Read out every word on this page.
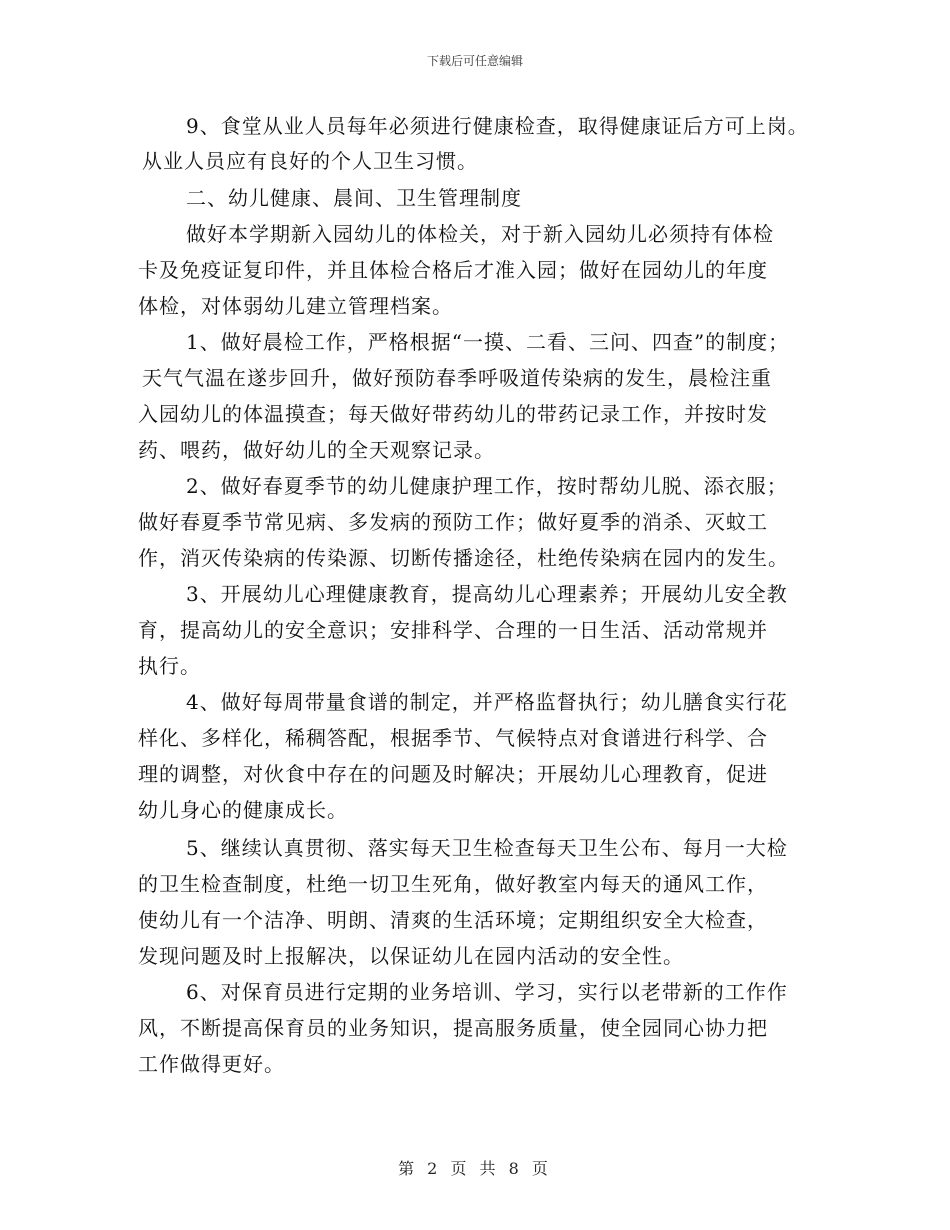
下载后可任意编辑
9、食堂从业人员每年必须进行健康检查，取得健康证后方可上岗。
从业人员应有良好的个人卫生习惯。
二、幼儿健康、晨间、卫生管理制度
做好本学期新入园幼儿的体检关，对于新入园幼儿必须持有体检
卡及免疫证复印件，并且体检合格后才准入园；做好在园幼儿的年度
体检，对体弱幼儿建立管理档案。
1、做好晨检工作，严格根据“一摸、二看、三问、四查”的制度；
天气气温在遂步回升，做好预防春季呼吸道传染病的发生，晨检注重
入园幼儿的体温摸查；每天做好带药幼儿的带药记录工作，并按时发
药、喂药，做好幼儿的全天观察记录。
2、做好春夏季节的幼儿健康护理工作，按时帮幼儿脱、添衣服；
做好春夏季节常见病、多发病的预防工作；做好夏季的消杀、灭蚊工
作，消灭传染病的传染源、切断传播途径，杜绝传染病在园内的发生。
3、开展幼儿心理健康教育，提高幼儿心理素养；开展幼儿安全教
育，提高幼儿的安全意识；安排科学、合理的一日生活、活动常规并
执行。
4、做好每周带量食谱的制定，并严格监督执行；幼儿膳食实行花
样化、多样化，稀稠答配，根据季节、气候特点对食谱进行科学、合
理的调整，对伙食中存在的问题及时解决；开展幼儿心理教育，促进
幼儿身心的健康成长。
5、继续认真贯彻、落实每天卫生检查每天卫生公布、每月一大检
的卫生检查制度，杜绝一切卫生死角，做好教室内每天的通风工作，
使幼儿有一个洁净、明朗、清爽的生活环境；定期组织安全大检查，
发现问题及时上报解决，以保证幼儿在园内活动的安全性。
6、对保育员进行定期的业务培训、学习，实行以老带新的工作作
风，不断提高保育员的业务知识，提高服务质量，使全园同心协力把
工作做得更好。
第 2 页 共 8 页
